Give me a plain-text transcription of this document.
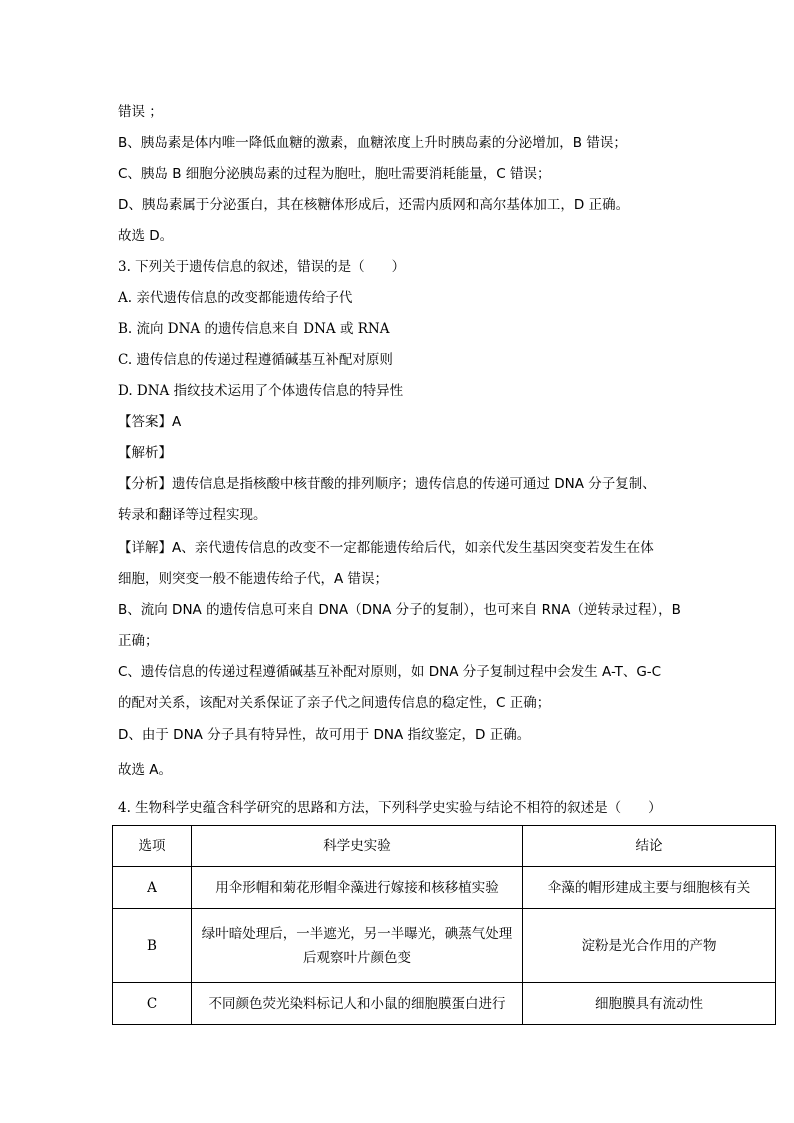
错误 ；
B、胰岛素是体内唯一降低血糖的激素，血糖浓度上升时胰岛素的分泌增加，B 错误；
C、胰岛 B 细胞分泌胰岛素的过程为胞吐，胞吐需要消耗能量，C 错误；
D、胰岛素属于分泌蛋白，其在核糖体形成后，还需内质网和高尔基体加工，D 正确。
故选 D。
3. 下列关于遗传信息的叙述，错误的是（　　）
A. 亲代遗传信息的改变都能遗传给子代
B. 流向 DNA 的遗传信息来自 DNA 或 RNA
C. 遗传信息的传递过程遵循碱基互补配对原则
D. DNA 指纹技术运用了个体遗传信息的特异性
【答案】A
【解析】
【分析】遗传信息是指核酸中核苷酸的排列顺序；遗传信息的传递可通过 DNA 分子复制、
转录和翻译等过程实现。
【详解】A、亲代遗传信息的改变不一定都能遗传给后代，如亲代发生基因突变若发生在体
细胞，则突变一般不能遗传给子代，A 错误；
B、流向 DNA 的遗传信息可来自 DNA（DNA 分子的复制），也可来自 RNA（逆转录过程），B
正确；
C、遗传信息的传递过程遵循碱基互补配对原则，如 DNA 分子复制过程中会发生 A-T、G-C
的配对关系，该配对关系保证了亲子代之间遗传信息的稳定性，C 正确；
D、由于 DNA 分子具有特异性，故可用于 DNA 指纹鉴定，D 正确。
故选 A。
4. 生物科学史蕴含科学研究的思路和方法，下列科学史实验与结论不相符的叙述是（　　）
选项	科学史实验	结论
A	用伞形帽和菊花形帽伞藻进行嫁接和核移植实验	伞藻的帽形建成主要与细胞核有关
B	绿叶暗处理后，一半遮光，另一半曝光，碘蒸气处理后观察叶片颜色变	淀粉是光合作用的产物
C	不同颜色荧光染料标记人和小鼠的细胞膜蛋白进行	细胞膜具有流动性
